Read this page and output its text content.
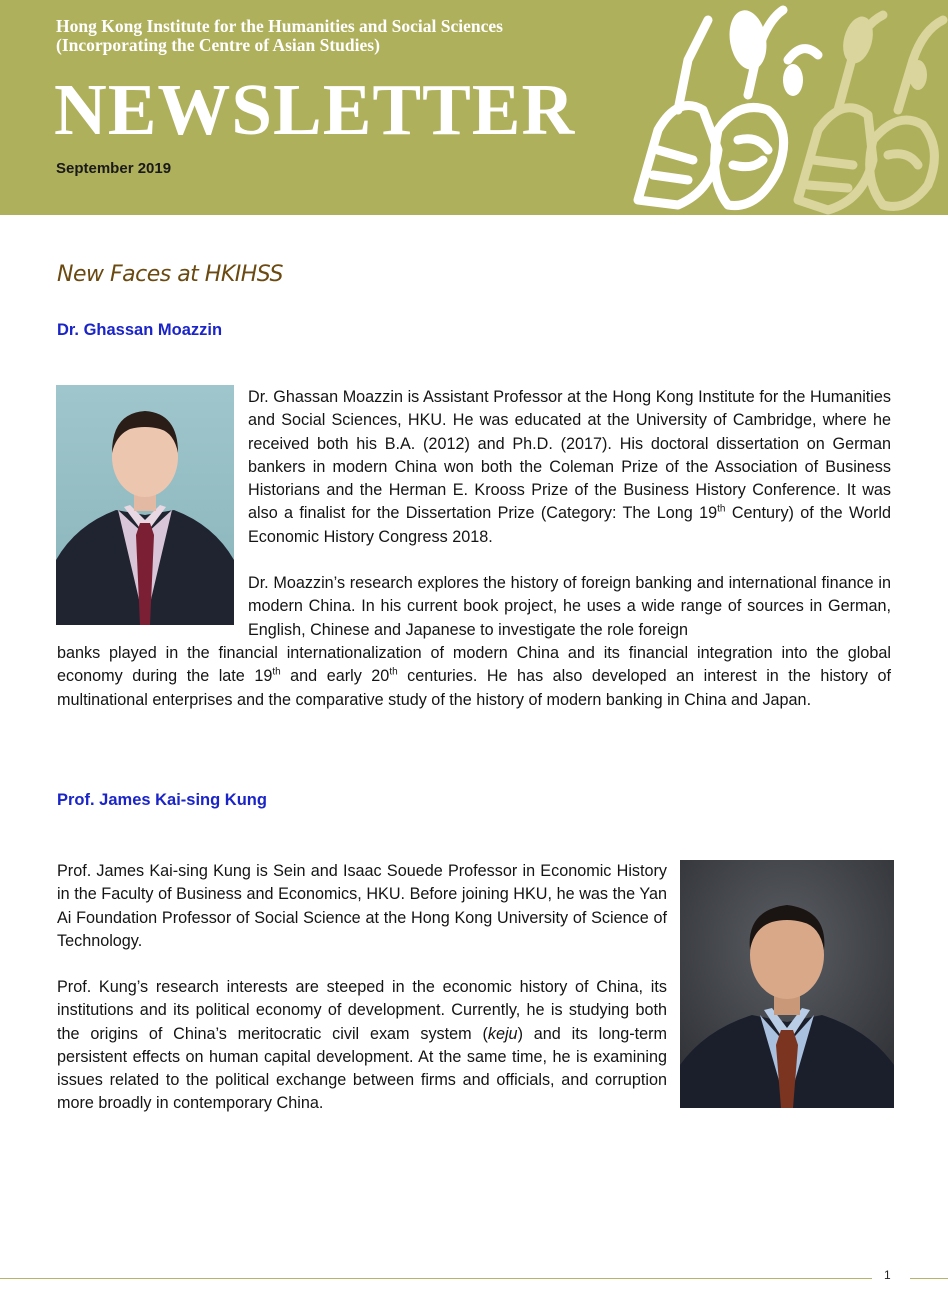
Hong Kong Institute for the Humanities and Social Sciences
(Incorporating the Centre of Asian Studies)
NEWSLETTER
September 2019
New Faces at HKIHSS
Dr. Ghassan Moazzin

Dr. Ghassan Moazzin is Assistant Professor at the Hong Kong Institute for the Humanities and Social Sciences, HKU. He was educated at the University of Cambridge, where he received both his B.A. (2012) and Ph.D. (2017). His doctoral dissertation on German bankers in modern China won both the Coleman Prize of the Association of Business Historians and the Herman E. Krooss Prize of the Business History Conference. It was also a finalist for the Dissertation Prize (Category: The Long 19th Century) of the World Economic History Congress 2018.

Dr. Moazzin’s research explores the history of foreign banking and international finance in modern China. In his current book project, he uses a wide range of sources in German, English, Chinese and Japanese to investigate the role foreign

banks played in the financial internationalization of modern China and its financial integration into the global economy during the late 19th and early 20th centuries. He has also developed an interest in the history of multinational enterprises and the comparative study of the history of modern banking in China and Japan.

Prof. James Kai-sing Kung

Prof. James Kai-sing Kung is Sein and Isaac Souede Professor in Economic History in the Faculty of Business and Economics, HKU. Before joining HKU, he was the Yan Ai Foundation Professor of Social Science at the Hong Kong University of Science of Technology.

Prof. Kung’s research interests are steeped in the economic history of China, its institutions and its political economy of development. Currently, he is studying both the origins of China’s meritocratic civil exam system (keju) and its long-term persistent effects on human capital development. At the same time, he is examining issues related to the political exchange between firms and officials, and corruption more broadly in contemporary China.

1
